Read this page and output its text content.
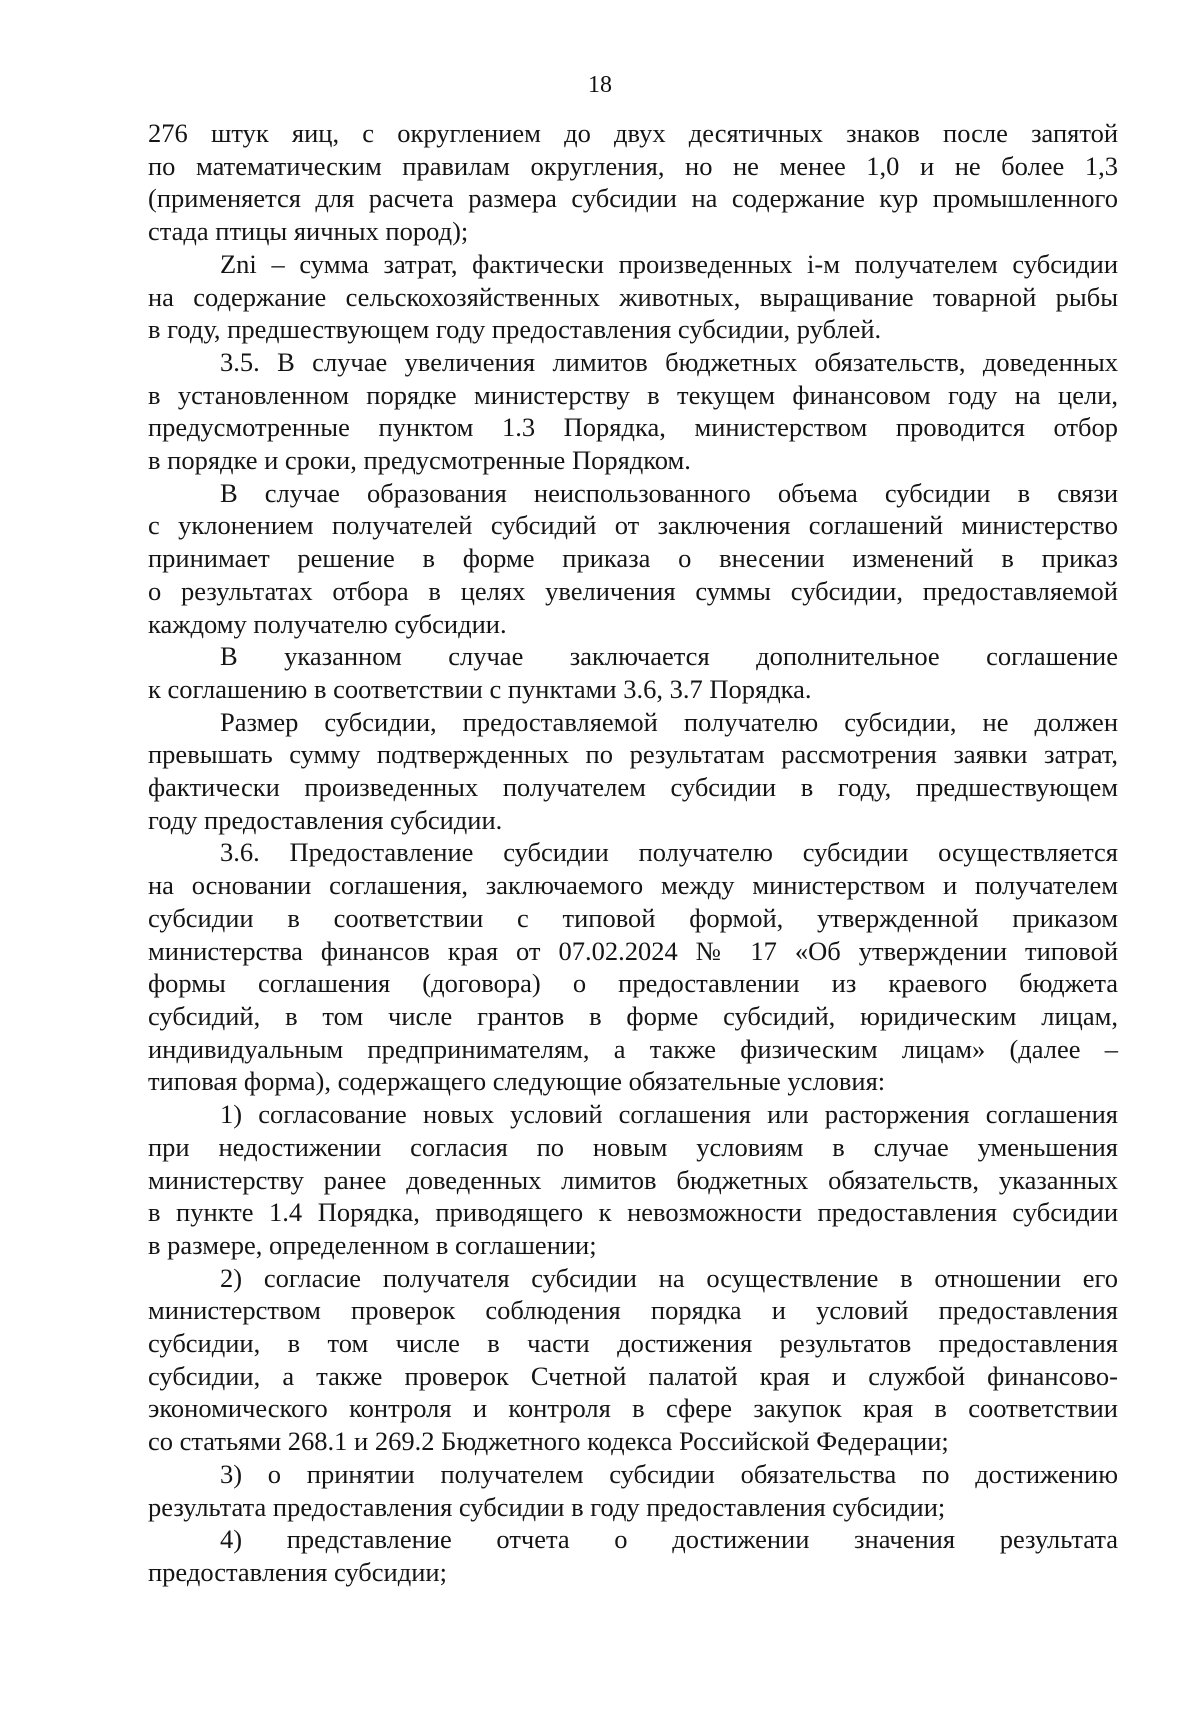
18
276 штук яиц, с округлением до двух десятичных знаков после запятой
по математическим правилам округления, но не менее 1,0 и не более 1,3
(применяется для расчета размера субсидии на содержание кур промышленного
стада птицы яичных пород);
Zni – сумма затрат, фактически произведенных i-м получателем субсидии
на содержание сельскохозяйственных животных, выращивание товарной рыбы
в году, предшествующем году предоставления субсидии, рублей.
3.5. В случае увеличения лимитов бюджетных обязательств, доведенных
в установленном порядке министерству в текущем финансовом году на цели,
предусмотренные пунктом 1.3 Порядка, министерством проводится отбор
в порядке и сроки, предусмотренные Порядком.
В случае образования неиспользованного объема субсидии в связи
с уклонением получателей субсидий от заключения соглашений министерство
принимает решение в форме приказа о внесении изменений в приказ
о результатах отбора в целях увеличения суммы субсидии, предоставляемой
каждому получателю субсидии.
В указанном случае заключается дополнительное соглашение
к соглашению в соответствии с пунктами 3.6, 3.7 Порядка.
Размер субсидии, предоставляемой получателю субсидии, не должен
превышать сумму подтвержденных по результатам рассмотрения заявки затрат,
фактически произведенных получателем субсидии в году, предшествующем
году предоставления субсидии.
3.6. Предоставление субсидии получателю субсидии осуществляется
на основании соглашения, заключаемого между министерством и получателем
субсидии в соответствии с типовой формой, утвержденной приказом
министерства финансов края от 07.02.2024 № 17 «Об утверждении типовой
формы соглашения (договора) о предоставлении из краевого бюджета
субсидий, в том числе грантов в форме субсидий, юридическим лицам,
индивидуальным предпринимателям, а также физическим лицам» (далее –
типовая форма), содержащего следующие обязательные условия:
1) согласование новых условий соглашения или расторжения соглашения
при недостижении согласия по новым условиям в случае уменьшения
министерству ранее доведенных лимитов бюджетных обязательств, указанных
в пункте 1.4 Порядка, приводящего к невозможности предоставления субсидии
в размере, определенном в соглашении;
2) согласие получателя субсидии на осуществление в отношении его
министерством проверок соблюдения порядка и условий предоставления
субсидии, в том числе в части достижения результатов предоставления
субсидии, а также проверок Счетной палатой края и службой финансово-
экономического контроля и контроля в сфере закупок края в соответствии
со статьями 268.1 и 269.2 Бюджетного кодекса Российской Федерации;
3) о принятии получателем субсидии обязательства по достижению
результата предоставления субсидии в году предоставления субсидии;
4) представление отчета о достижении значения результата
предоставления субсидии;
